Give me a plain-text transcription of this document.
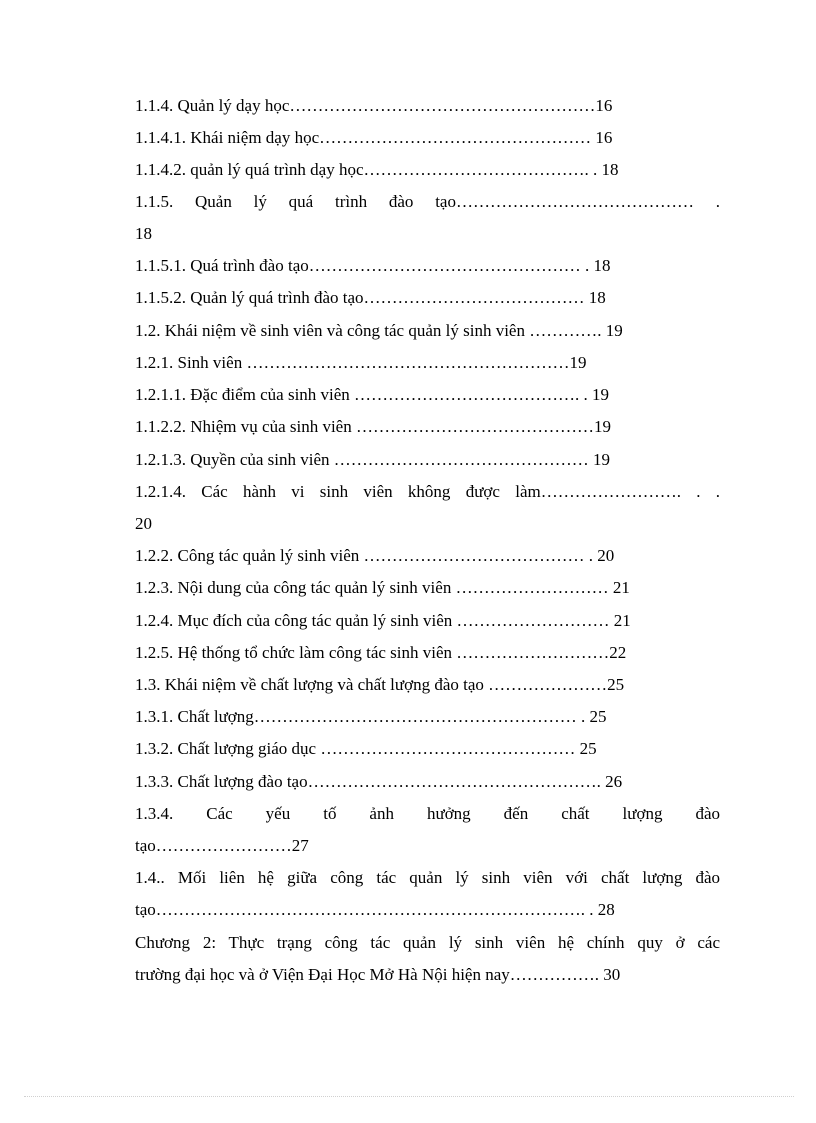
1.1.4. Quản lý dạy học………………………………………………16
1.1.4.1. Khái niệm dạy học………………………………………… 16
1.1.4.2. quản lý quá trình dạy học…………………………………. . 18
1.1.5. Quản lý quá trình đào tạo…………………………………… .
18
1.1.5.1. Quá trình đào tạo………………………………………… . 18
1.1.5.2. Quản lý quá trình đào tạo………………………………… 18
1.2. Khái niệm về sinh viên và công tác quản lý sinh viên …………. 19
1.2.1. Sinh viên …………………………………………………19
1.2.1.1. Đặc điểm của sinh viên …………………………………. . 19
1.1.2.2. Nhiệm vụ của sinh viên ……………………………………19
1.2.1.3. Quyền của sinh viên ……………………………………… 19
1.2.1.4. Các hành vi sinh viên không được làm……………………. . .
20
1.2.2. Công tác quản lý sinh viên ………………………………… . 20
1.2.3. Nội dung của công tác quản lý sinh viên ……………………… 21
1.2.4. Mục đích của công tác quản lý sinh viên ……………………… 21
1.2.5. Hệ thống tổ chức làm công tác sinh viên ………………………22
1.3. Khái niệm về chất lượng và chất lượng đào tạo …………………25
1.3.1. Chất lượng………………………………………………… . 25
1.3.2. Chất lượng giáo dục ……………………………………… 25
1.3.3. Chất lượng đào tạo……………………………………………. 26
1.3.4. Các yếu tố ảnh hưởng đến chất lượng đào
tạo……………………27
1.4.. Mối liên hệ giữa công tác quản lý sinh viên với chất lượng đào
tạo…………………………………………………………………. . 28
Chương 2: Thực trạng công tác quản lý sinh viên hệ chính quy ở các
trường đại học và ở Viện Đại Học Mở Hà Nội hiện nay……………. 30
